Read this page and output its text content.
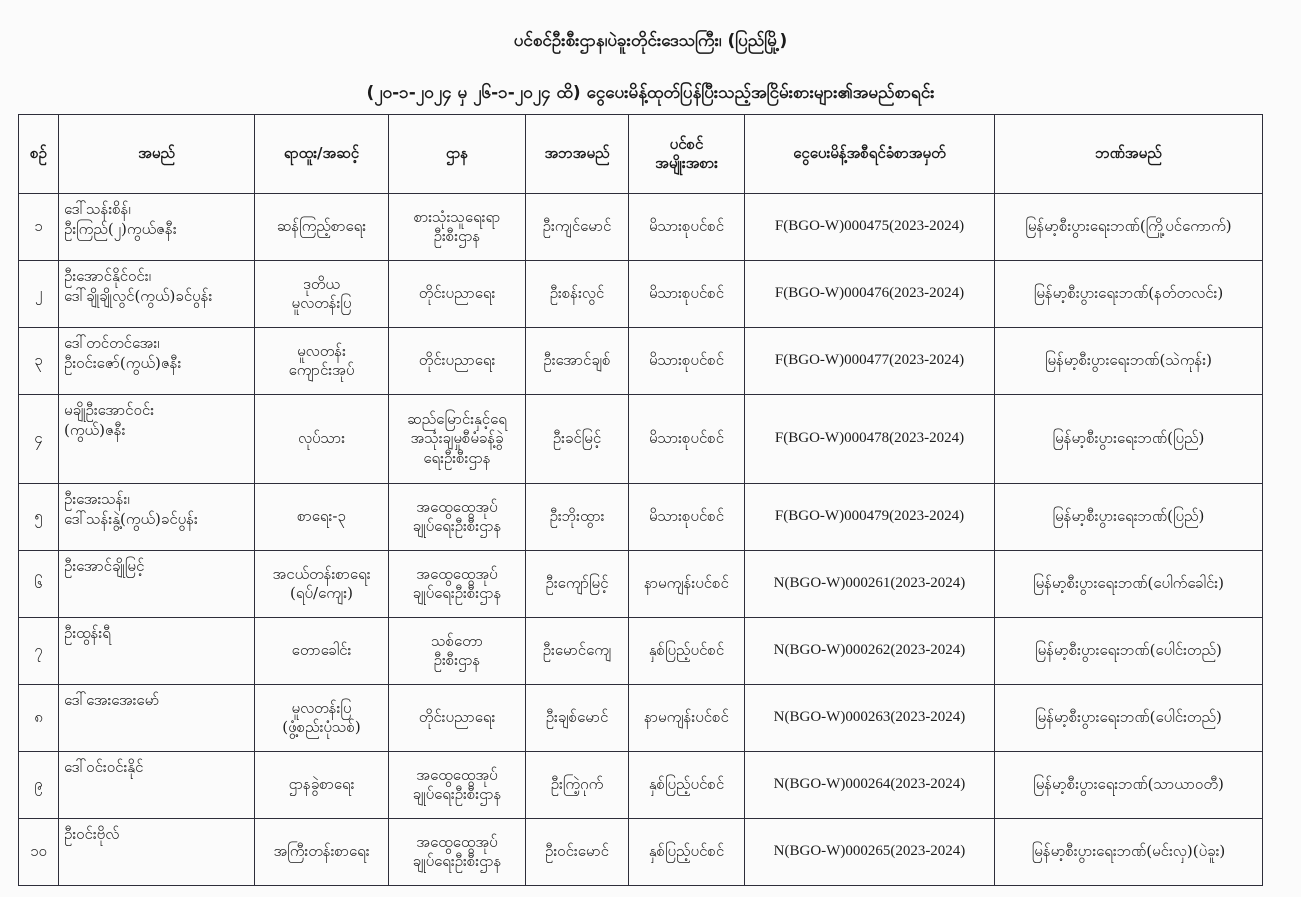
ပင်စင်ဦးစီးဌာန၊ပဲခူးတိုင်းဒေသကြီး၊ (ပြည်မြို့)
(၂၀-၁-၂၀၂၄ မှ ၂၆-၁-၂၀၂၄ ထိ) ငွေပေးမိန့်ထုတ်ပြန်ပြီးသည့်အငြိမ်းစားများ၏အမည်စာရင်း
စဉ်	အမည်	ရာထူး/အဆင့်	ဌာန	အဘအမည်	ပင်စင်
အမျိုးအစား	ငွေပေးမိန့်အစီရင်ခံစာအမှတ်	ဘဏ်အမည်
၁	ဒေါ်သန်းစိန်၊
ဦးကြည်(၂)ကွယ်ဇနီး	ဆန်ကြည့်စာရေး	စားသုံးသူရေးရာ
ဦးစီးဌာန	ဦးကျင်မောင်	မိသားစုပင်စင်	F(BGO-W)000475(2023-2024)	မြန်မာ့စီးပွားရေးဘဏ်(ကြို့ပင်ကောက်)
၂	ဦးအောင်နိုင်ဝင်း၊
ဒေါ်ချိုချိုလွင်(ကွယ်)ခင်ပွန်း	ဒုတိယ
မူလတန်းပြ	တိုင်းပညာရေး	ဦးစန်းလွင်	မိသားစုပင်စင်	F(BGO-W)000476(2023-2024)	မြန်မာ့စီးပွားရေးဘဏ်(နတ်တလင်း)
၃	ဒေါ်တင်တင်အေး၊
ဦးဝင်းဇော်(ကွယ်)ဇနီး	မူလတန်း
ကျောင်းအုပ်	တိုင်းပညာရေး	ဦးအောင်ချစ်	မိသားစုပင်စင်	F(BGO-W)000477(2023-2024)	မြန်မာ့စီးပွားရေးဘဏ်(သဲကုန်း)
၄	မချိုဦးအောင်ဝင်း
(ကွယ်)ဇနီး	လုပ်သား	ဆည်မြောင်းနှင့်ရေ
အသုံးချမှုစီမံခန့်ခွဲ
ရေးဦးစီးဌာန	ဦးခင်မြင့်	မိသားစုပင်စင်	F(BGO-W)000478(2023-2024)	မြန်မာ့စီးပွားရေးဘဏ်(ပြည်)
၅	ဦးအေးသန်း၊
ဒေါ်သန်းနွဲ့(ကွယ်)ခင်ပွန်း	စာရေး-၃	အထွေထွေအုပ်
ချုပ်ရေးဦးစီးဌာန	ဦးဘိုးထွား	မိသားစုပင်စင်	F(BGO-W)000479(2023-2024)	မြန်မာ့စီးပွားရေးဘဏ်(ပြည်)
၆	ဦးအောင်ချိုမြင့်	အငယ်တန်းစာရေး
(ရပ်/ကျေး)	အထွေထွေအုပ်
ချုပ်ရေးဦးစီးဌာန	ဦးကျော်မြင့်	နာမကျန်းပင်စင်	N(BGO-W)000261(2023-2024)	မြန်မာ့စီးပွားရေးဘဏ်(ပေါက်ခေါင်း)
၇	ဦးထွန်းရီ	တောခေါင်း	သစ်တော
ဦးစီးဌာန	ဦးမောင်ကျေ	နှစ်ပြည့်ပင်စင်	N(BGO-W)000262(2023-2024)	မြန်မာ့စီးပွားရေးဘဏ်(ပေါင်းတည်)
၈	ဒေါ်အေးအေးမော်	မူလတန်းပြ
(ဖွံ့စည်းပုံသစ်)	တိုင်းပညာရေး	ဦးချစ်မောင်	နာမကျန်းပင်စင်	N(BGO-W)000263(2023-2024)	မြန်မာ့စီးပွားရေးဘဏ်(ပေါင်းတည်)
၉	ဒေါ်ဝင်းဝင်းနိုင်	ဌာနခွဲစာရေး	အထွေထွေအုပ်
ချုပ်ရေးဦးစီးဌာန	ဦးကြဲ့ဂုက်	နှစ်ပြည့်ပင်စင်	N(BGO-W)000264(2023-2024)	မြန်မာ့စီးပွားရေးဘဏ်(သာယာဝတီ)
၁၀	ဦးဝင်းဗိုလ်	အကြီးတန်းစာရေး	အထွေထွေအုပ်
ချုပ်ရေးဦးစီးဌာန	ဦးဝင်းမောင်	နှစ်ပြည့်ပင်စင်	N(BGO-W)000265(2023-2024)	မြန်မာ့စီးပွားရေးဘဏ်(မင်းလှ)(ပဲခူး)
